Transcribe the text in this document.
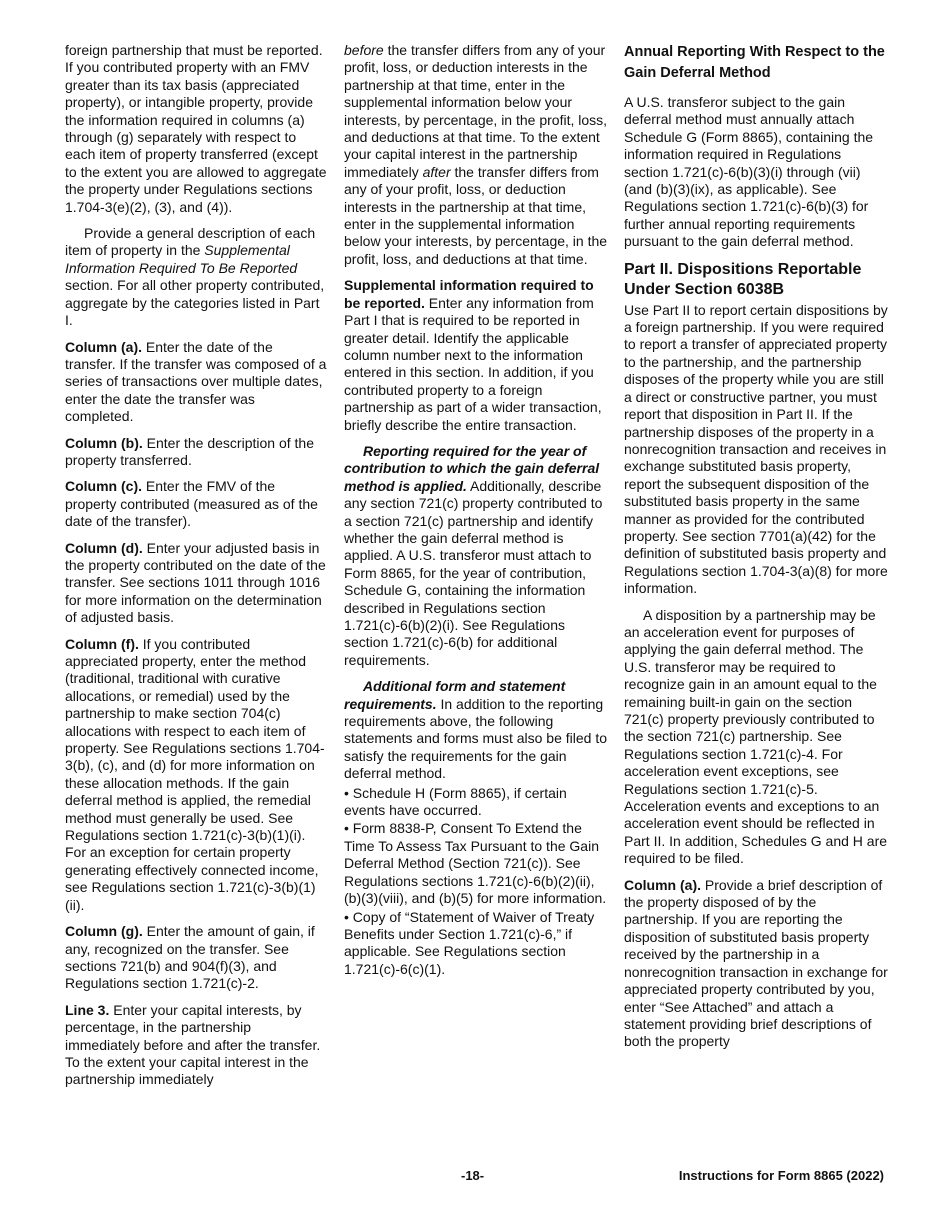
foreign partnership that must be reported. If you contributed property with an FMV greater than its tax basis (appreciated property), or intangible property, provide the information required in columns (a) through (g) separately with respect to each item of property transferred (except to the extent you are allowed to aggregate the property under Regulations sections 1.704-3(e)(2), (3), and (4)).

Provide a general description of each item of property in the Supplemental Information Required To Be Reported section. For all other property contributed, aggregate by the categories listed in Part I.

Column (a). Enter the date of the transfer. If the transfer was composed of a series of transactions over multiple dates, enter the date the transfer was completed.

Column (b). Enter the description of the property transferred.

Column (c). Enter the FMV of the property contributed (measured as of the date of the transfer).

Column (d). Enter your adjusted basis in the property contributed on the date of the transfer. See sections 1011 through 1016 for more information on the determination of adjusted basis.

Column (f). If you contributed appreciated property, enter the method (traditional, traditional with curative allocations, or remedial) used by the partnership to make section 704(c) allocations with respect to each item of property. See Regulations sections 1.704-3(b), (c), and (d) for more information on these allocation methods. If the gain deferral method is applied, the remedial method must generally be used. See Regulations section 1.721(c)-3(b)(1)(i). For an exception for certain property generating effectively connected income, see Regulations section 1.721(c)-3(b)(1)(ii).

Column (g). Enter the amount of gain, if any, recognized on the transfer. See sections 721(b) and 904(f)(3), and Regulations section 1.721(c)-2.

Line 3. Enter your capital interests, by percentage, in the partnership immediately before and after the transfer. To the extent your capital interest in the partnership immediately

before the transfer differs from any of your profit, loss, or deduction interests in the partnership at that time, enter in the supplemental information below your interests, by percentage, in the profit, loss, and deductions at that time. To the extent your capital interest in the partnership immediately after the transfer differs from any of your profit, loss, or deduction interests in the partnership at that time, enter in the supplemental information below your interests, by percentage, in the profit, loss, and deductions at that time.

Supplemental information required to be reported. Enter any information from Part I that is required to be reported in greater detail. Identify the applicable column number next to the information entered in this section. In addition, if you contributed property to a foreign partnership as part of a wider transaction, briefly describe the entire transaction.

Reporting required for the year of contribution to which the gain deferral method is applied. Additionally, describe any section 721(c) property contributed to a section 721(c) partnership and identify whether the gain deferral method is applied. A U.S. transferor must attach to Form 8865, for the year of contribution, Schedule G, containing the information described in Regulations section 1.721(c)-6(b)(2)(i). See Regulations section 1.721(c)-6(b) for additional requirements.

Additional form and statement requirements. In addition to the reporting requirements above, the following statements and forms must also be filed to satisfy the requirements for the gain deferral method.

• Schedule H (Form 8865), if certain events have occurred.

• Form 8838-P, Consent To Extend the Time To Assess Tax Pursuant to the Gain Deferral Method (Section 721(c)). See Regulations sections 1.721(c)-6(b)(2)(ii), (b)(3)(viii), and (b)(5) for more information.

• Copy of “Statement of Waiver of Treaty Benefits under Section 1.721(c)-6,” if applicable. See Regulations section 1.721(c)-6(c)(1).

Annual Reporting With Respect to the Gain Deferral Method

A U.S. transferor subject to the gain deferral method must annually attach Schedule G (Form 8865), containing the information required in Regulations section 1.721(c)-6(b)(3)(i) through (vii) (and (b)(3)(ix), as applicable). See Regulations section 1.721(c)-6(b)(3) for further annual reporting requirements pursuant to the gain deferral method.

Part II. Dispositions Reportable Under Section 6038B

Use Part II to report certain dispositions by a foreign partnership. If you were required to report a transfer of appreciated property to the partnership, and the partnership disposes of the property while you are still a direct or constructive partner, you must report that disposition in Part II. If the partnership disposes of the property in a nonrecognition transaction and receives in exchange substituted basis property, report the subsequent disposition of the substituted basis property in the same manner as provided for the contributed property. See section 7701(a)(42) for the definition of substituted basis property and Regulations section 1.704-3(a)(8) for more information.

A disposition by a partnership may be an acceleration event for purposes of applying the gain deferral method. The U.S. transferor may be required to recognize gain in an amount equal to the remaining built-in gain on the section 721(c) property previously contributed to the section 721(c) partnership. See Regulations section 1.721(c)-4. For acceleration event exceptions, see Regulations section 1.721(c)-5. Acceleration events and exceptions to an acceleration event should be reflected in Part II. In addition, Schedules G and H are required to be filed.

Column (a). Provide a brief description of the property disposed of by the partnership. If you are reporting the disposition of substituted basis property received by the partnership in a nonrecognition transaction in exchange for appreciated property contributed by you, enter “See Attached” and attach a statement providing brief descriptions of both the property

-18-	Instructions for Form 8865 (2022)
